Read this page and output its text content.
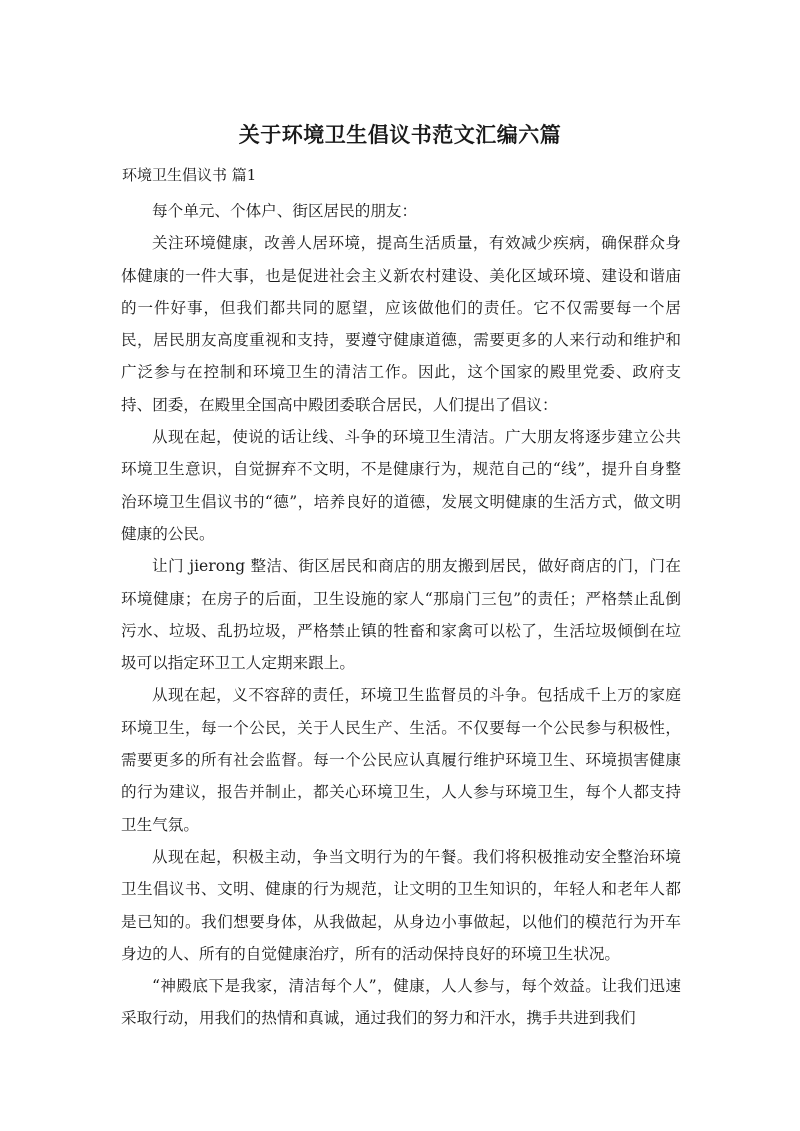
关于环境卫生倡议书范文汇编六篇
环境卫生倡议书 篇1

每个单元、个体户、街区居民的朋友：

关注环境健康，改善人居环境，提高生活质量，有效减少疾病，确保群众身体健康的一件大事，也是促进社会主义新农村建设、美化区域环境、建设和谐庙的一件好事，但我们都共同的愿望，应该做他们的责任。它不仅需要每一个居民，居民朋友高度重视和支持，要遵守健康道德，需要更多的人来行动和维护和广泛参与在控制和环境卫生的清洁工作。因此，这个国家的殿里党委、政府支持、团委，在殿里全国高中殿团委联合居民，人们提出了倡议：

从现在起，使说的话让线、斗争的环境卫生清洁。广大朋友将逐步建立公共环境卫生意识，自觉摒弃不文明，不是健康行为，规范自己的“线”，提升自身整治环境卫生倡议书的“德”，培养良好的道德，发展文明健康的生活方式，做文明健康的公民。

让门 jierong 整洁、街区居民和商店的朋友搬到居民，做好商店的门，门在环境健康；在房子的后面，卫生设施的家人“那扇门三包”的责任；严格禁止乱倒污水、垃圾、乱扔垃圾，严格禁止镇的牲畜和家禽可以松了，生活垃圾倾倒在垃圾可以指定环卫工人定期来跟上。

从现在起，义不容辞的责任，环境卫生监督员的斗争。包括成千上万的家庭环境卫生，每一个公民，关于人民生产、生活。不仅要每一个公民参与积极性，需要更多的所有社会监督。每一个公民应认真履行维护环境卫生、环境损害健康的行为建议，报告并制止，都关心环境卫生，人人参与环境卫生，每个人都支持卫生气氛。

从现在起，积极主动，争当文明行为的午餐。我们将积极推动安全整治环境卫生倡议书、文明、健康的行为规范，让文明的卫生知识的，年轻人和老年人都是已知的。我们想要身体，从我做起，从身边小事做起，以他们的模范行为开车身边的人、所有的自觉健康治疗，所有的活动保持良好的环境卫生状况。

“神殿底下是我家，清洁每个人”，健康，人人参与，每个效益。让我们迅速采取行动，用我们的热情和真诚，通过我们的努力和汗水，携手共进到我们
